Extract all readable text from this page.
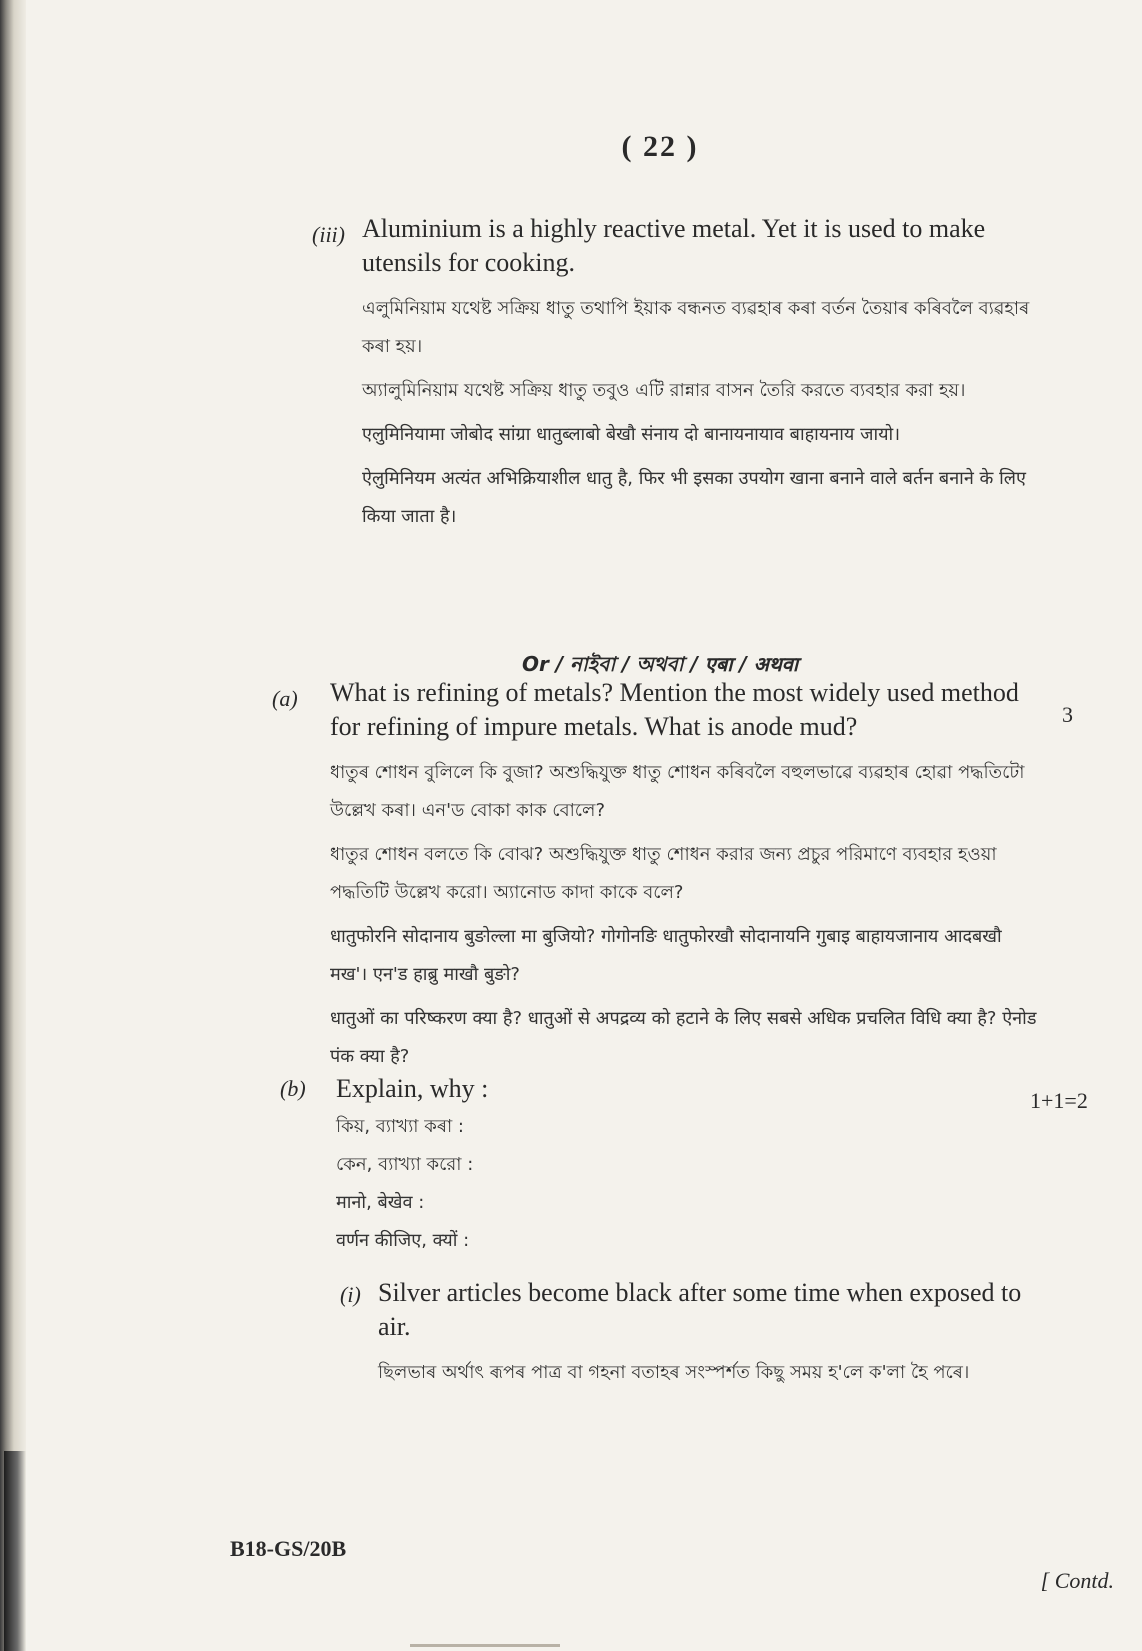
( 22 )
(iii) Aluminium is a highly reactive metal. Yet it is used to make utensils for cooking.

এলুমিনিয়াম যথেষ্ট সক্রিয় ধাতু তথাপি ইয়াক বন্ধনত ব্যৱহাৰ কৰা বৰ্তন তৈয়াৰ কৰিবলৈ ব্যৱহাৰ কৰা হয়।

অ্যালুমিনিয়াম যথেষ্ট সক্রিয় ধাতু তবুও এটি রান্নার বাসন তৈরি করতে ব্যবহার করা হয়।

एलुमिनियामा जोबोद सांग्रा धातुब्लाबो बेखौ संनाय दो बानायनायाव बाहायनाय जायो।

ऐलुमिनियम अत्यंत अभिक्रियाशील धातु है, फिर भी इसका उपयोग खाना बनाने वाले बर्तन बनाने के लिए किया जाता है।

Or / নাইবা / অথবা / एबा / अथवा
(a) What is refining of metals? Mention the most widely used method for refining of impure metals. What is anode mud?

ধাতুৰ শোধন বুলিলে কি বুজা? অশুদ্ধিযুক্ত ধাতু শোধন কৰিবলৈ বহুলভাৱে ব্যৱহাৰ হোৱা পদ্ধতিটো উল্লেখ কৰা। এন'ড বোকা কাক বোলে?

ধাতুর শোধন বলতে কি বোঝ? অশুদ্ধিযুক্ত ধাতু শোধন করার জন্য প্রচুর পরিমাণে ব্যবহার হওয়া পদ্ধতিটি উল্লেখ করো। অ্যানোড কাদা কাকে বলে?

धातुफोरनि सोदानाय बुङोल्ला मा बुजियो? गोगोनङि धातुफोरखौ सोदानायनि गुबाइ बाहायजानाय आदबखौ मख'। एन'ड हाब्रु माखौ बुङो?

धातुओं का परिष्करण क्या है? धातुओं से अपद्रव्य को हटाने के लिए सबसे अधिक प्रचलित विधि क्या है? ऐनोड पंक क्या है?

3
(b) Explain, why :

কিয়, ব্যাখ্যা কৰা :

কেন, ব্যাখ্যা করো :

मानो, बेखेव :

वर्णन कीजिए, क्यों :

1+1=2
(i) Silver articles become black after some time when exposed to air.

ছিলভাৰ অৰ্থাৎ ৰূপৰ পাত্ৰ বা গহনা বতাহৰ সংস্পৰ্শত কিছু সময় হ'লে ক'লা হৈ পৰে।

B18-GS/20B
[ Contd.
